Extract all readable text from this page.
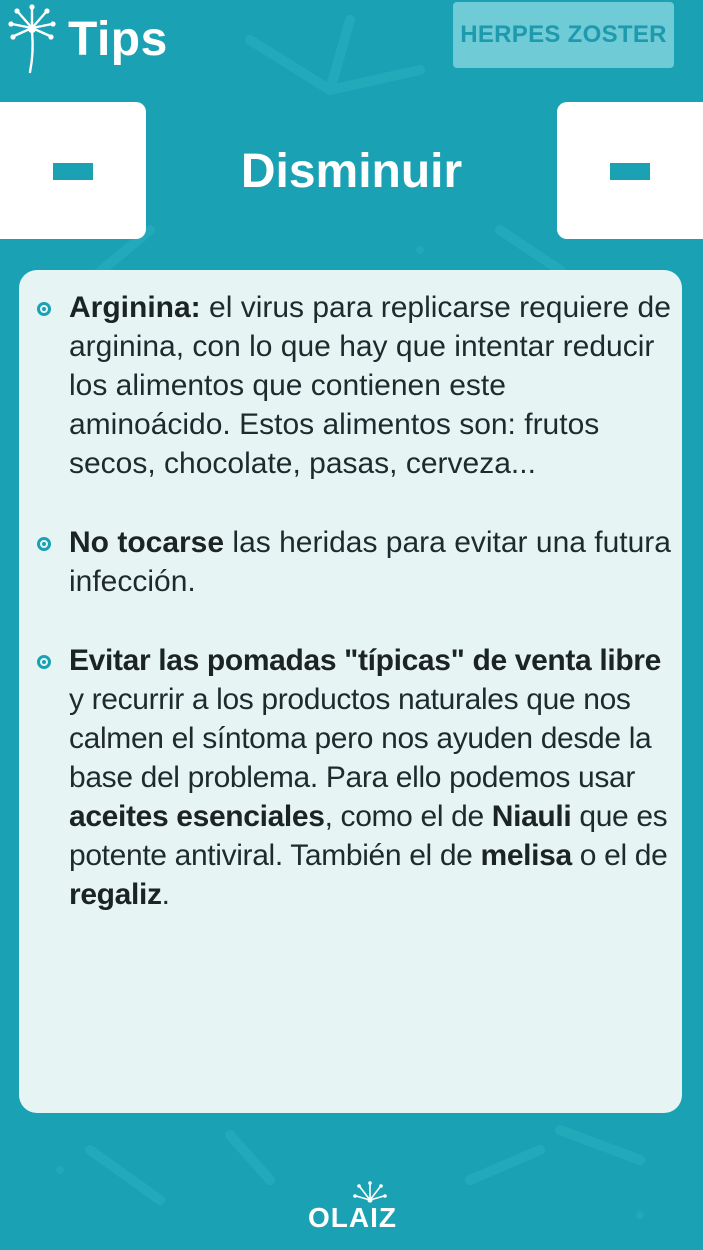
Tips	HERPES ZOSTER
Disminuir
Arginina: el virus para replicarse requiere de arginina, con lo que hay que intentar reducir los alimentos que contienen este aminoácido. Estos alimentos son: frutos secos, chocolate, pasas, cerveza...
No tocarse las heridas para evitar una futura infección.
Evitar las pomadas "típicas" de venta libre y recurrir a los productos naturales que nos calmen el síntoma pero nos ayuden desde la base del problema. Para ello podemos usar aceites esenciales, como el de Niauli que es potente antiviral. También el de melisa o el de regaliz.
OLAIZ
